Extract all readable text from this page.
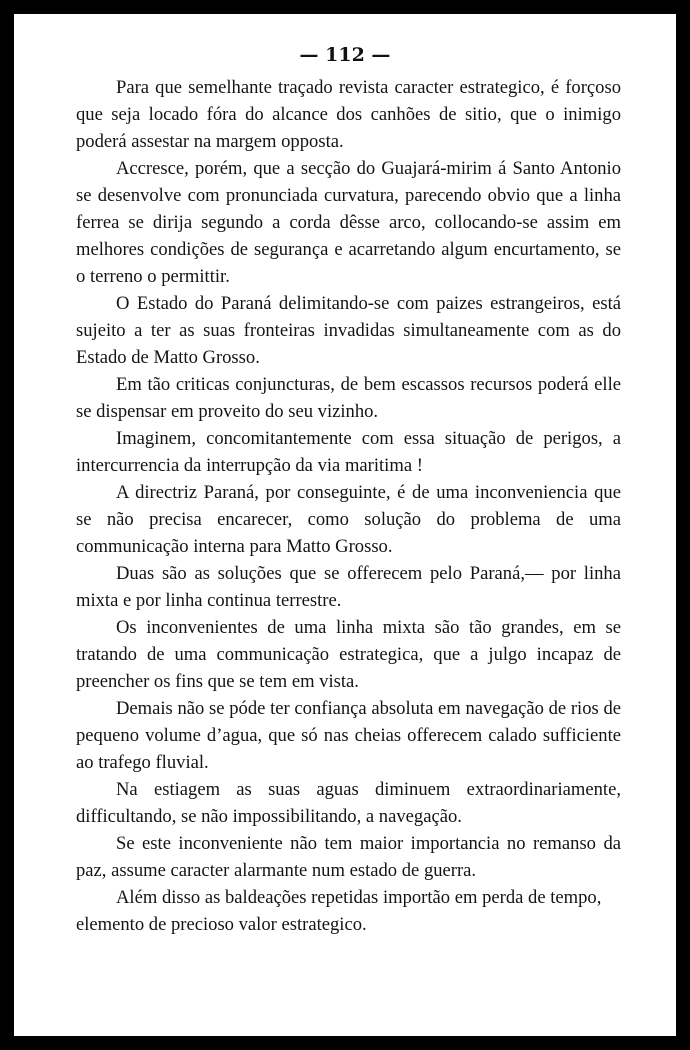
— 112 —

Para que semelhante traçado revista caracter estrategico, é forçoso que seja locado fóra do alcance dos canhões de sitio, que o inimigo poderá assestar na margem opposta.

Accresce, porém, que a secção do Guajará-mirim á Santo Antonio se desenvolve com pronunciada curvatura, parecendo obvio que a linha ferrea se dirija segundo a corda dêsse arco, collocando-se assim em melhores condições de segurança e acarretando algum encurtamento, se o terreno o permittir.

O Estado do Paraná delimitando-se com paizes estrangeiros, está sujeito a ter as suas fronteiras invadidas simultaneamente com as do Estado de Matto Grosso.

Em tão criticas conjuncturas, de bem escassos recursos poderá elle se dispensar em proveito do seu vizinho.

Imaginem, concomitantemente com essa situação de perigos, a intercurrencia da interrupção da via maritima !

A directriz Paraná, por conseguinte, é de uma inconveniencia que se não precisa encarecer, como solução do problema de uma communicação interna para Matto Grosso.

Duas são as soluções que se offerecem pelo Paraná,— por linha mixta e por linha continua terrestre.

Os inconvenientes de uma linha mixta são tão grandes, em se tratando de uma communicação estrategica, que a julgo incapaz de preencher os fins que se tem em vista.

Demais não se póde ter confiança absoluta em navegação de rios de pequeno volume d’agua, que só nas cheias offerecem calado sufficiente ao trafego fluvial.

Na estiagem as suas aguas diminuem extraordinariamente, difficultando, se não impossibilitando, a navegação.

Se este inconveniente não tem maior importancia no remanso da paz, assume caracter alarmante num estado de guerra.

Além disso as baldeações repetidas importão em perda de tempo, elemento de precioso valor estrategico.
